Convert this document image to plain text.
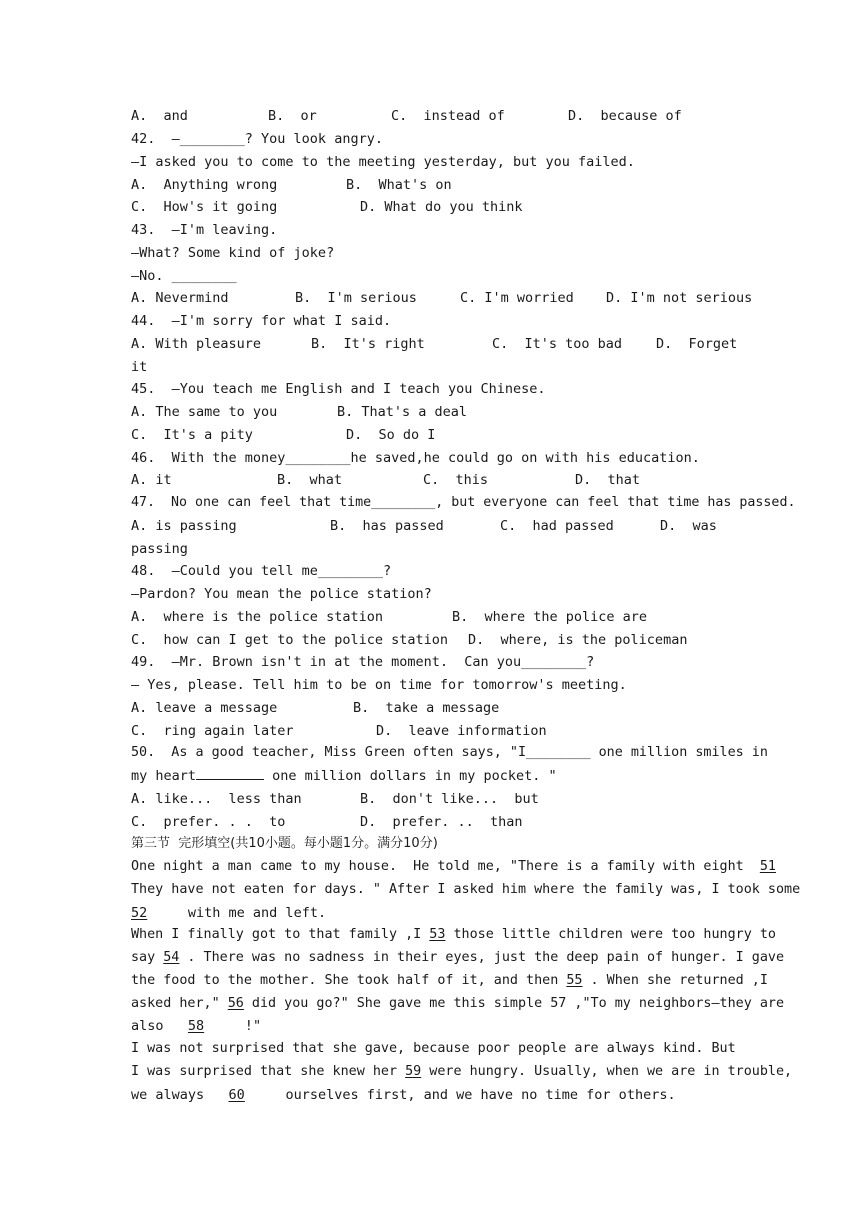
A.  and	B.  or	C.  instead of	D.  because of
42.  —________? You look angry.
—I asked you to come to the meeting yesterday, but you failed.
A.  Anything wrong	B.  What's on
C.  How's it going	D. What do you think
43.  —I'm leaving.
—What? Some kind of joke?
—No. ________
A. Nevermind	B.  I'm serious	C. I'm worried D. I'm not serious
44.  —I'm sorry for what I said.
A. With pleasure	B.  It's right	C.  It's too bad	D.  Forget
it
45.  —You teach me English and I teach you Chinese.
A. The same to you	B. That's a deal
C.  It's a pity	D.  So do I
46.  With the money________he saved,he could go on with his education.
A. it	B.  what	C.  this	D.  that
47.  No one can feel that time________, but everyone can feel that time has passed.
A. is passing	B.  has passed	C.  had passed	D.  was
passing
48.  —Could you tell me________?
—Pardon? You mean the police station?
A.  where is the police station	B.  where the police are
C.  how can I get to the police station D.  where, is the policeman
49.  —Mr. Brown isn't in at the moment.  Can you________?
— Yes, please. Tell him to be on time for tomorrow's meeting.
A. leave a message	B.  take a message
C.  ring again later	D.  leave information
50.  As a good teacher, Miss Green often says, "I________ one million smiles in
my heart	one million dollars in my pocket. "
A. like...  less than	B.  don't like...  but
C.  prefer. . .  to	D.  prefer. ..  than
第三节  完形填空(共10小题。每小题1分。满分10分)
One night a man came to my house.  He told me, "There is a family with eight  51
They have not eaten for days. " After I asked him where the family was, I took some
52     with me and left.
When I finally got to that family ,I 53 those little children were too hungry to
say 54 . There was no sadness in their eyes, just the deep pain of hunger. I gave
the food to the mother. She took half of it, and then 55 . When she returned ,I
asked her," 56 did you go?" She gave me this simple 57 ,"To my neighbors—they are
also   58     !"
I was not surprised that she gave, because poor people are always kind. But
I was surprised that she knew her 59 were hungry. Usually, when we are in trouble,
we always   60     ourselves first, and we have no time for others.
